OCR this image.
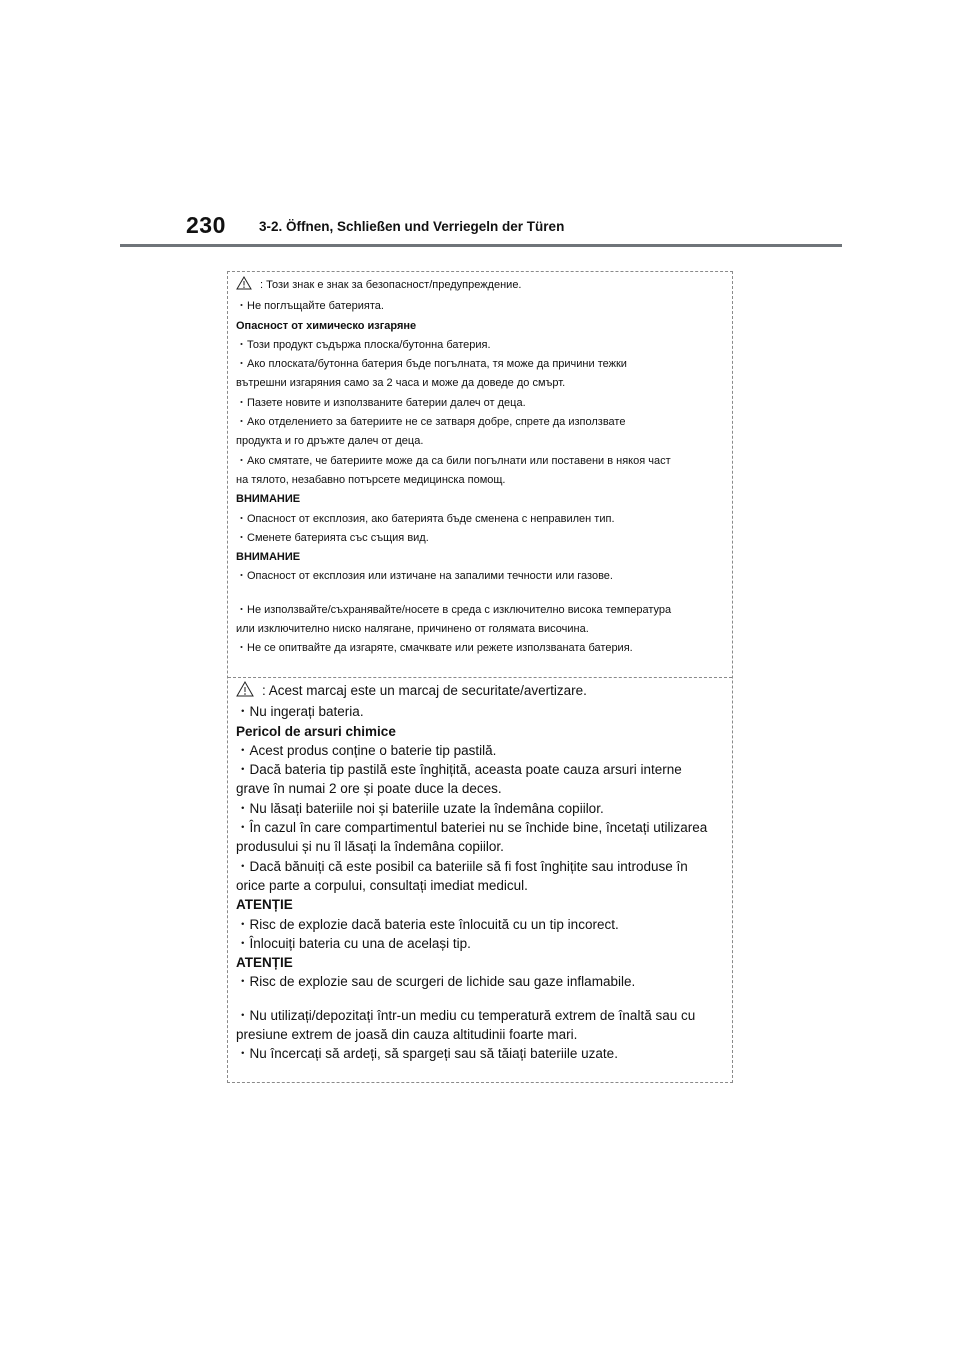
230 3-2. Öffnen, Schließen und Verriegeln der Türen
: Този знак е знак за безопасност/предупреждение.
・Не поглъщайте батерията.
Опасност от химическо изгаряне
・Този продукт съдържа плоска/бутонна батерия.
・Ако плоската/бутонна батерия бъде погълната, тя може да причини тежки
вътрешни изгаряния само за 2 часа и може да доведе до смърт.
・Пазете новите и използваните батерии далеч от деца.
・Ако отделението за батериите не се затваря добре, спрете да използвате
продукта и го дръжте далеч от деца.
・Ако смятате, че батериите може да са били погълнати или поставени в някоя част
на тялото, незабавно потърсете медицинска помощ.
ВНИМАНИЕ
・Опасност от експлозия, ако батерията бъде сменена с неправилен тип.
・Сменете батерията със същия вид.
ВНИМАНИЕ
・Опасност от експлозия или изтичане на запалими течности или газове.
・Не използвайте/съхранявайте/носете в среда с изключително висока температура
или изключително ниско налягане, причинено от голямата височина.
・Не се опитвайте да изгаряте, смачквате или режете използваната батерия.
: Acest marcaj este un marcaj de securitate/avertizare.
・Nu ingerați bateria.
Pericol de arsuri chimice
・Acest produs conține o baterie tip pastilă.
・Dacă bateria tip pastilă este înghițită, aceasta poate cauza arsuri interne
grave în numai 2 ore și poate duce la deces.
・Nu lăsați bateriile noi și bateriile uzate la îndemâna copiilor.
・În cazul în care compartimentul bateriei nu se închide bine, încetați utilizarea
produsului și nu îl lăsați la îndemâna copiilor.
・Dacă bănuiți că este posibil ca bateriile să fi fost înghițite sau introduse în
orice parte a corpului, consultați imediat medicul.
ATENȚIE
・Risc de explozie dacă bateria este înlocuită cu un tip incorect.
・Înlocuiți bateria cu una de același tip.
ATENȚIE
・Risc de explozie sau de scurgeri de lichide sau gaze inflamabile.
・Nu utilizați/depozitați într-un mediu cu temperatură extrem de înaltă sau cu
presiune extrem de joasă din cauza altitudinii foarte mari.
・Nu încercați să ardeți, să spargeți sau să tăiați bateriile uzate.
